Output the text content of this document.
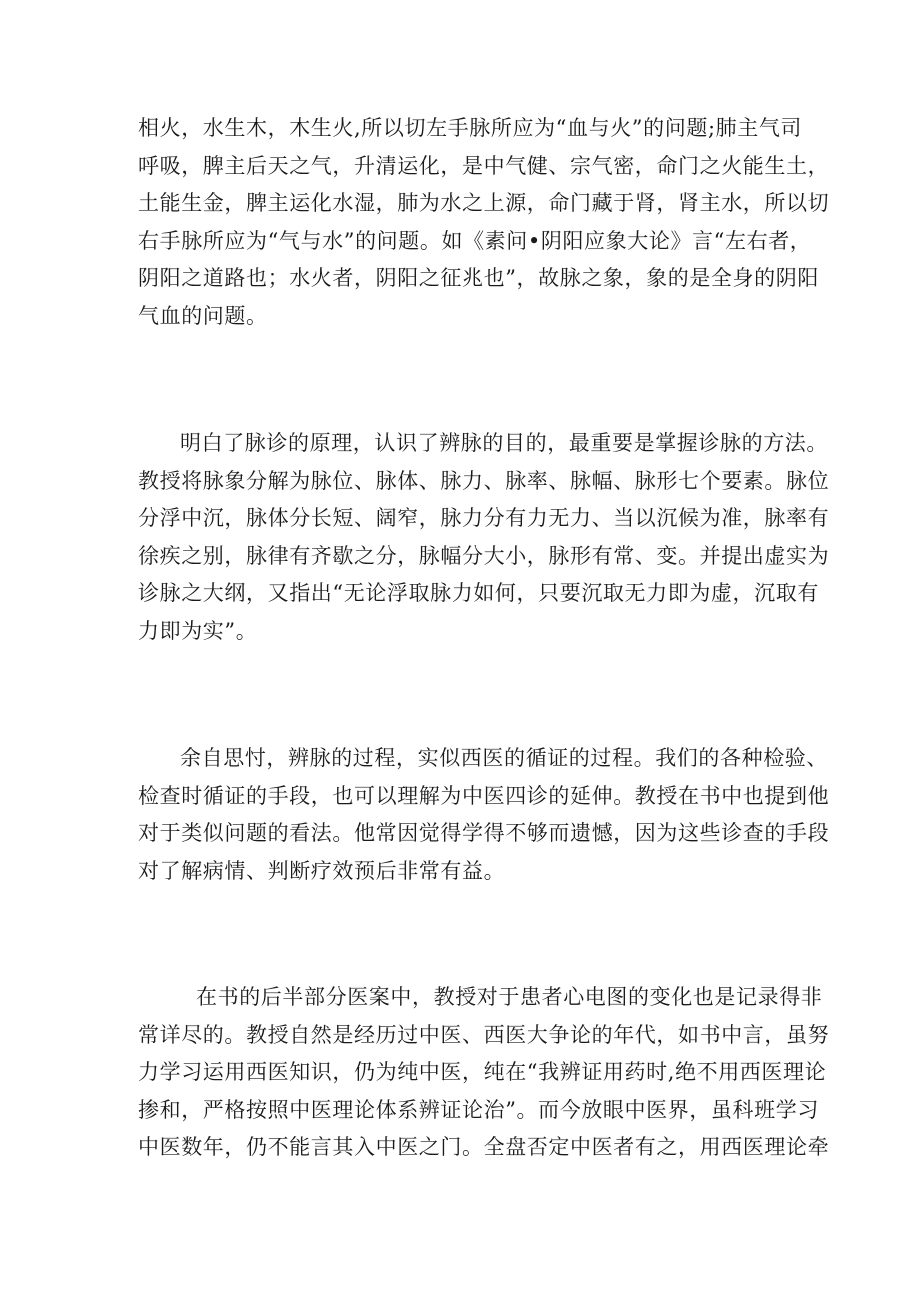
相火，水生木，木生火,所以切左手脉所应为“血与火”的问题;肺主气司
呼吸，脾主后天之气，升清运化，是中气健、宗气密，命门之火能生土，
土能生金，脾主运化水湿，肺为水之上源，命门藏于肾，肾主水，所以切
右手脉所应为“气与水”的问题。如《素问•阴阳应象大论》言“左右者，
阴阳之道路也；水火者，阴阳之征兆也”，故脉之象，象的是全身的阴阳
气血的问题。
明白了脉诊的原理，认识了辨脉的目的，最重要是掌握诊脉的方法。
教授将脉象分解为脉位、脉体、脉力、脉率、脉幅、脉形七个要素。脉位
分浮中沉，脉体分长短、阔窄，脉力分有力无力、当以沉候为准，脉率有
徐疾之别，脉律有齐歇之分，脉幅分大小，脉形有常、变。并提出虚实为
诊脉之大纲，又指出“无论浮取脉力如何，只要沉取无力即为虚，沉取有
力即为实”。
余自思忖，辨脉的过程，实似西医的循证的过程。我们的各种检验、
检查时循证的手段，也可以理解为中医四诊的延伸。教授在书中也提到他
对于类似问题的看法。他常因觉得学得不够而遗憾，因为这些诊查的手段
对了解病情、判断疗效预后非常有益。
在书的后半部分医案中，教授对于患者心电图的变化也是记录得非
常详尽的。教授自然是经历过中医、西医大争论的年代，如书中言，虽努
力学习运用西医知识，仍为纯中医，纯在“我辨证用药时,绝不用西医理论
掺和，严格按照中医理论体系辨证论治”。而今放眼中医界，虽科班学习
中医数年，仍不能言其入中医之门。全盘否定中医者有之，用西医理论牵
